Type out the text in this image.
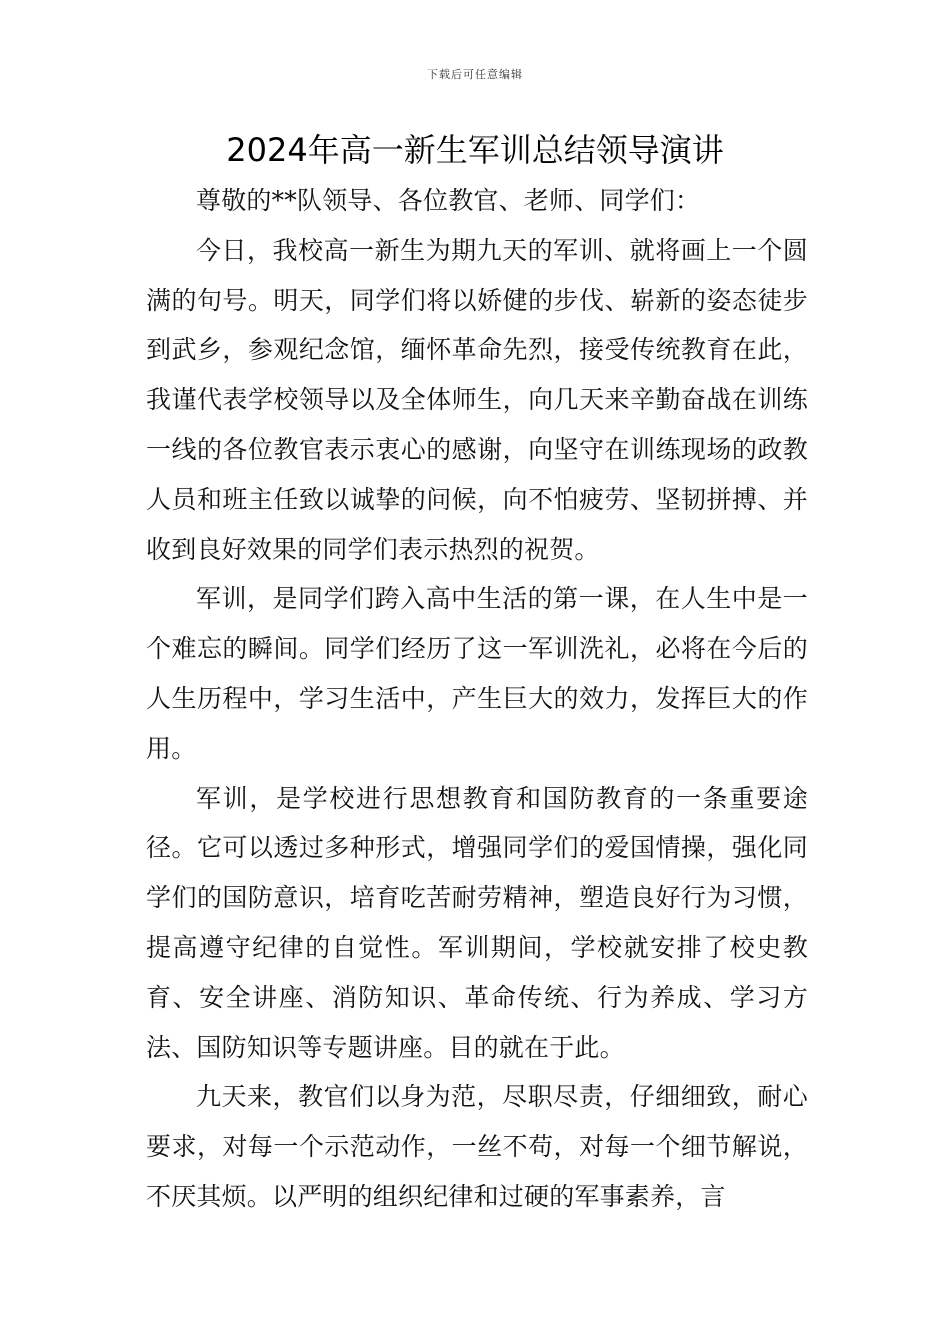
下载后可任意编辑
2024年高一新生军训总结领导演讲

尊敬的**队领导、各位教官、老师、同学们：

今日，我校高一新生为期九天的军训、就将画上一个圆满的句号。明天，同学们将以娇健的步伐、崭新的姿态徒步到武乡，参观纪念馆，缅怀革命先烈，接受传统教育在此，我谨代表学校领导以及全体师生，向几天来辛勤奋战在训练一线的各位教官表示衷心的感谢，向坚守在训练现场的政教人员和班主任致以诚挚的问候，向不怕疲劳、坚韧拼搏、并收到良好效果的同学们表示热烈的祝贺。

军训，是同学们跨入高中生活的第一课，在人生中是一个难忘的瞬间。同学们经历了这一军训洗礼，必将在今后的人生历程中，学习生活中，产生巨大的效力，发挥巨大的作用。

军训，是学校进行思想教育和国防教育的一条重要途径。它可以透过多种形式，增强同学们的爱国情操，强化同学们的国防意识，培育吃苦耐劳精神，塑造良好行为习惯，提高遵守纪律的自觉性。军训期间，学校就安排了校史教育、安全讲座、消防知识、革命传统、行为养成、学习方法、国防知识等专题讲座。目的就在于此。

九天来，教官们以身为范，尽职尽责，仔细细致，耐心要求，对每一个示范动作，一丝不苟，对每一个细节解说，不厌其烦。以严明的组织纪律和过硬的军事素养，言
